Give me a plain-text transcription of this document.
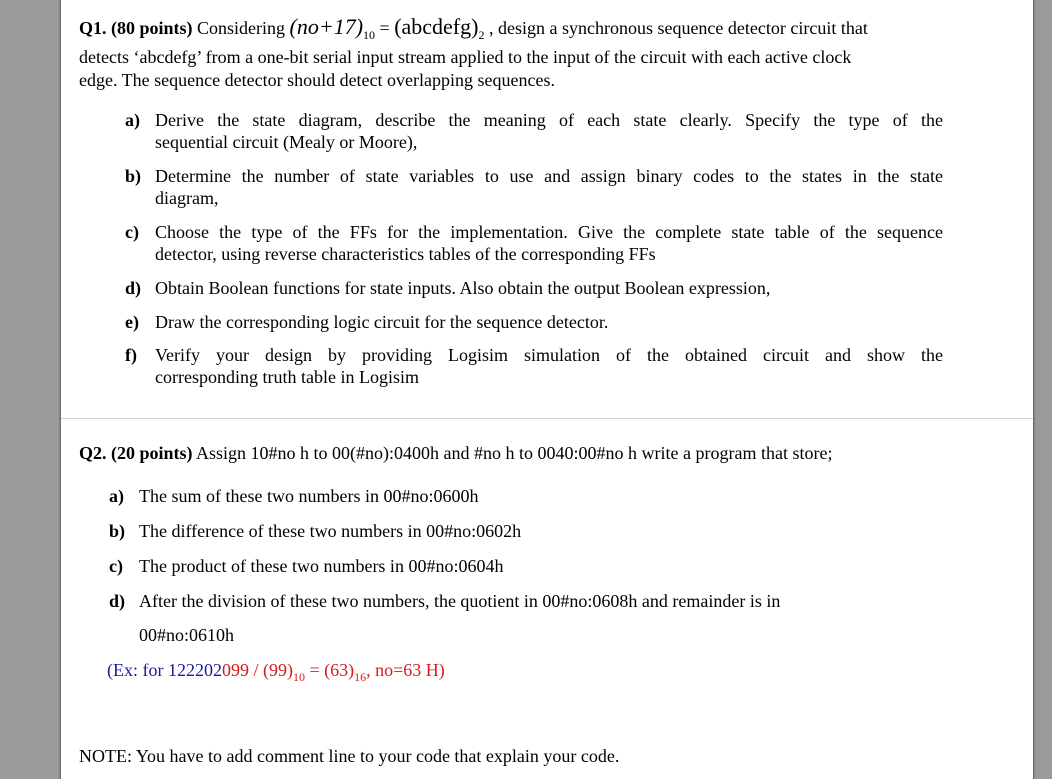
Q1. (80 points) Considering $(no+17)_{10}$ = $(abcdefg)_2$ , design a synchronous sequence detector circuit that
detects ‘abcdefg’ from a one-bit serial input stream applied to the input of the circuit with each active clock
edge. The sequence detector should detect overlapping sequences.
a) Derive the state diagram, describe the meaning of each state clearly. Specify the type of the
sequential circuit (Mealy or Moore),
b) Determine the number of state variables to use and assign binary codes to the states in the state
diagram,
c) Choose the type of the FFs for the implementation. Give the complete state table of the sequence
detector, using reverse characteristics tables of the corresponding FFs
d) Obtain Boolean functions for state inputs. Also obtain the output Boolean expression,
e) Draw the corresponding logic circuit for the sequence detector.
f) Verify your design by providing Logisim simulation of the obtained circuit and show the
corresponding truth table in Logisim
Q2. (20 points) Assign 10#no h to 00(#no):0400h and #no h to 0040:00#no h write a program that store;
a) The sum of these two numbers in 00#no:0600h
b) The difference of these two numbers in 00#no:0602h
c) The product of these two numbers in 00#no:0604h
d) After the division of these two numbers, the quotient in 00#no:0608h and remainder is in
00#no:0610h
(Ex: for $122202099 / (99)_{10} = (63)_{16}$, no=63 H)
NOTE: You have to add comment line to your code that explain your code.
